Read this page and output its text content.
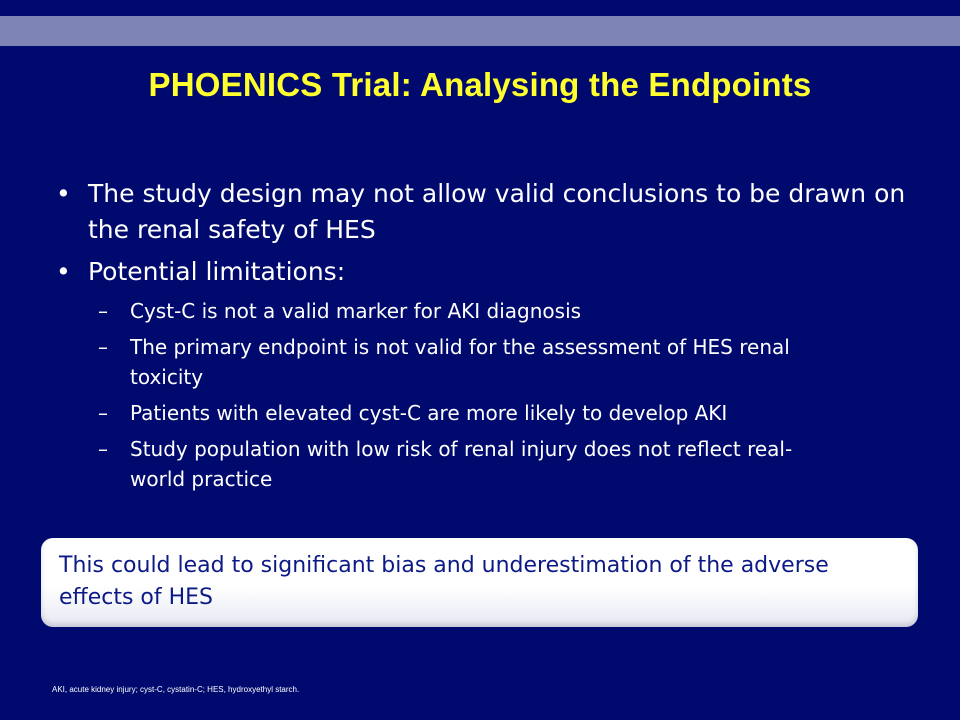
PHOENICS Trial: Analysing the Endpoints
• The study design may not allow valid conclusions to be drawn on the renal safety of HES
• Potential limitations:
–	Cyst-C is not a valid marker for AKI diagnosis
–	The primary endpoint is not valid for the assessment of HES renal toxicity
–	Patients with elevated cyst-C are more likely to develop AKI
–	Study population with low risk of renal injury does not reflect real-world practice
This could lead to significant bias and underestimation of the adverse effects of HES
AKI, acute kidney injury; cyst-C, cystatin-C; HES, hydroxyethyl starch.
